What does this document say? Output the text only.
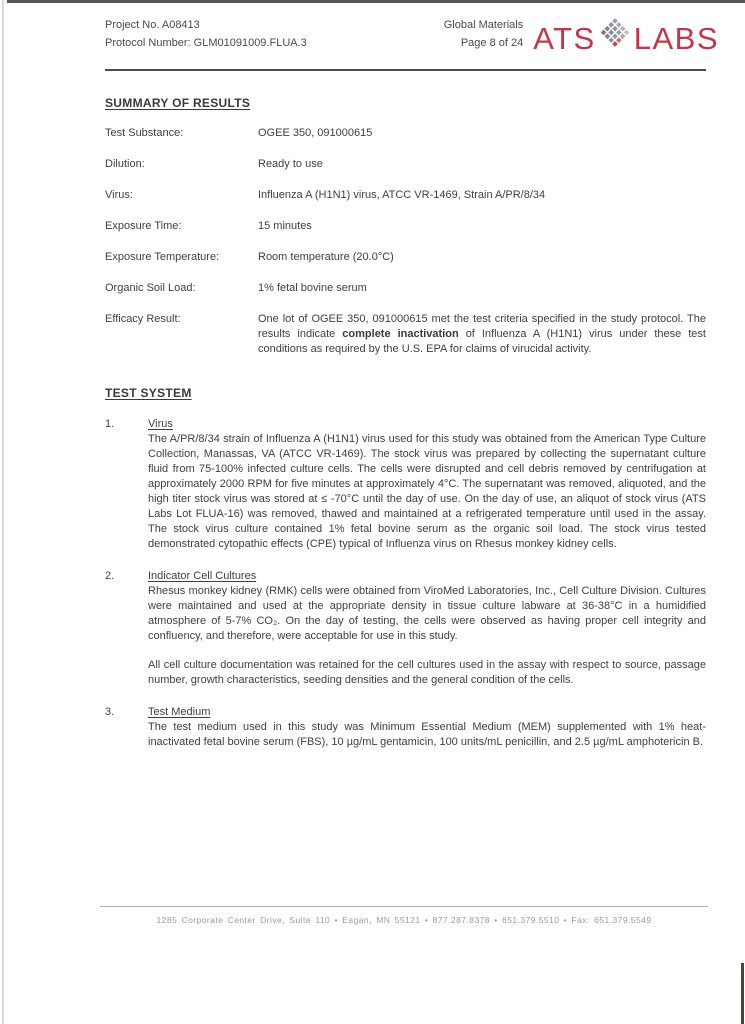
Project No. A08413
Protocol Number: GLM01091009.FLUA.3
Global Materials
Page 8 of 24 ATS LABS
SUMMARY OF RESULTS
Test Substance:	OGEE 350, 091000615
Dilution:	Ready to use
Virus:	Influenza A (H1N1) virus, ATCC VR-1469, Strain A/PR/8/34
Exposure Time:	15 minutes
Exposure Temperature:	Room temperature (20.0°C)
Organic Soil Load:	1% fetal bovine serum
Efficacy Result:	One lot of OGEE 350, 091000615 met the test criteria specified in the study protocol. The results indicate complete inactivation of Influenza A (H1N1) virus under these test conditions as required by the U.S. EPA for claims of virucidal activity.
TEST SYSTEM
1.	Virus

The A/PR/8/34 strain of Influenza A (H1N1) virus used for this study was obtained from the American Type Culture Collection, Manassas, VA (ATCC VR-1469). The stock virus was prepared by collecting the supernatant culture fluid from 75-100% infected culture cells. The cells were disrupted and cell debris removed by centrifugation at approximately 2000 RPM for five minutes at approximately 4°C. The supernatant was removed, aliquoted, and the high titer stock virus was stored at ≤ -70°C until the day of use. On the day of use, an aliquot of stock virus (ATS Labs Lot FLUA-16) was removed, thawed and maintained at a refrigerated temperature until used in the assay. The stock virus culture contained 1% fetal bovine serum as the organic soil load. The stock virus tested demonstrated cytopathic effects (CPE) typical of Influenza virus on Rhesus monkey kidney cells.

2.	Indicator Cell Cultures

Rhesus monkey kidney (RMK) cells were obtained from ViroMed Laboratories, Inc., Cell Culture Division. Cultures were maintained and used at the appropriate density in tissue culture labware at 36-38°C in a humidified atmosphere of 5-7% CO₂. On the day of testing, the cells were observed as having proper cell integrity and confluency, and therefore, were acceptable for use in this study.

All cell culture documentation was retained for the cell cultures used in the assay with respect to source, passage number, growth characteristics, seeding densities and the general condition of the cells.

3.	Test Medium

The test medium used in this study was Minimum Essential Medium (MEM) supplemented with 1% heat-inactivated fetal bovine serum (FBS), 10 µg/mL gentamicin, 100 units/mL penicillin, and 2.5 µg/mL amphotericin B.

1285 Corporate Center Drive, Suite 110 • Eagan, MN 55121 • 877.287.8378 • 651.379.5510 • Fax: 651.379.5549
